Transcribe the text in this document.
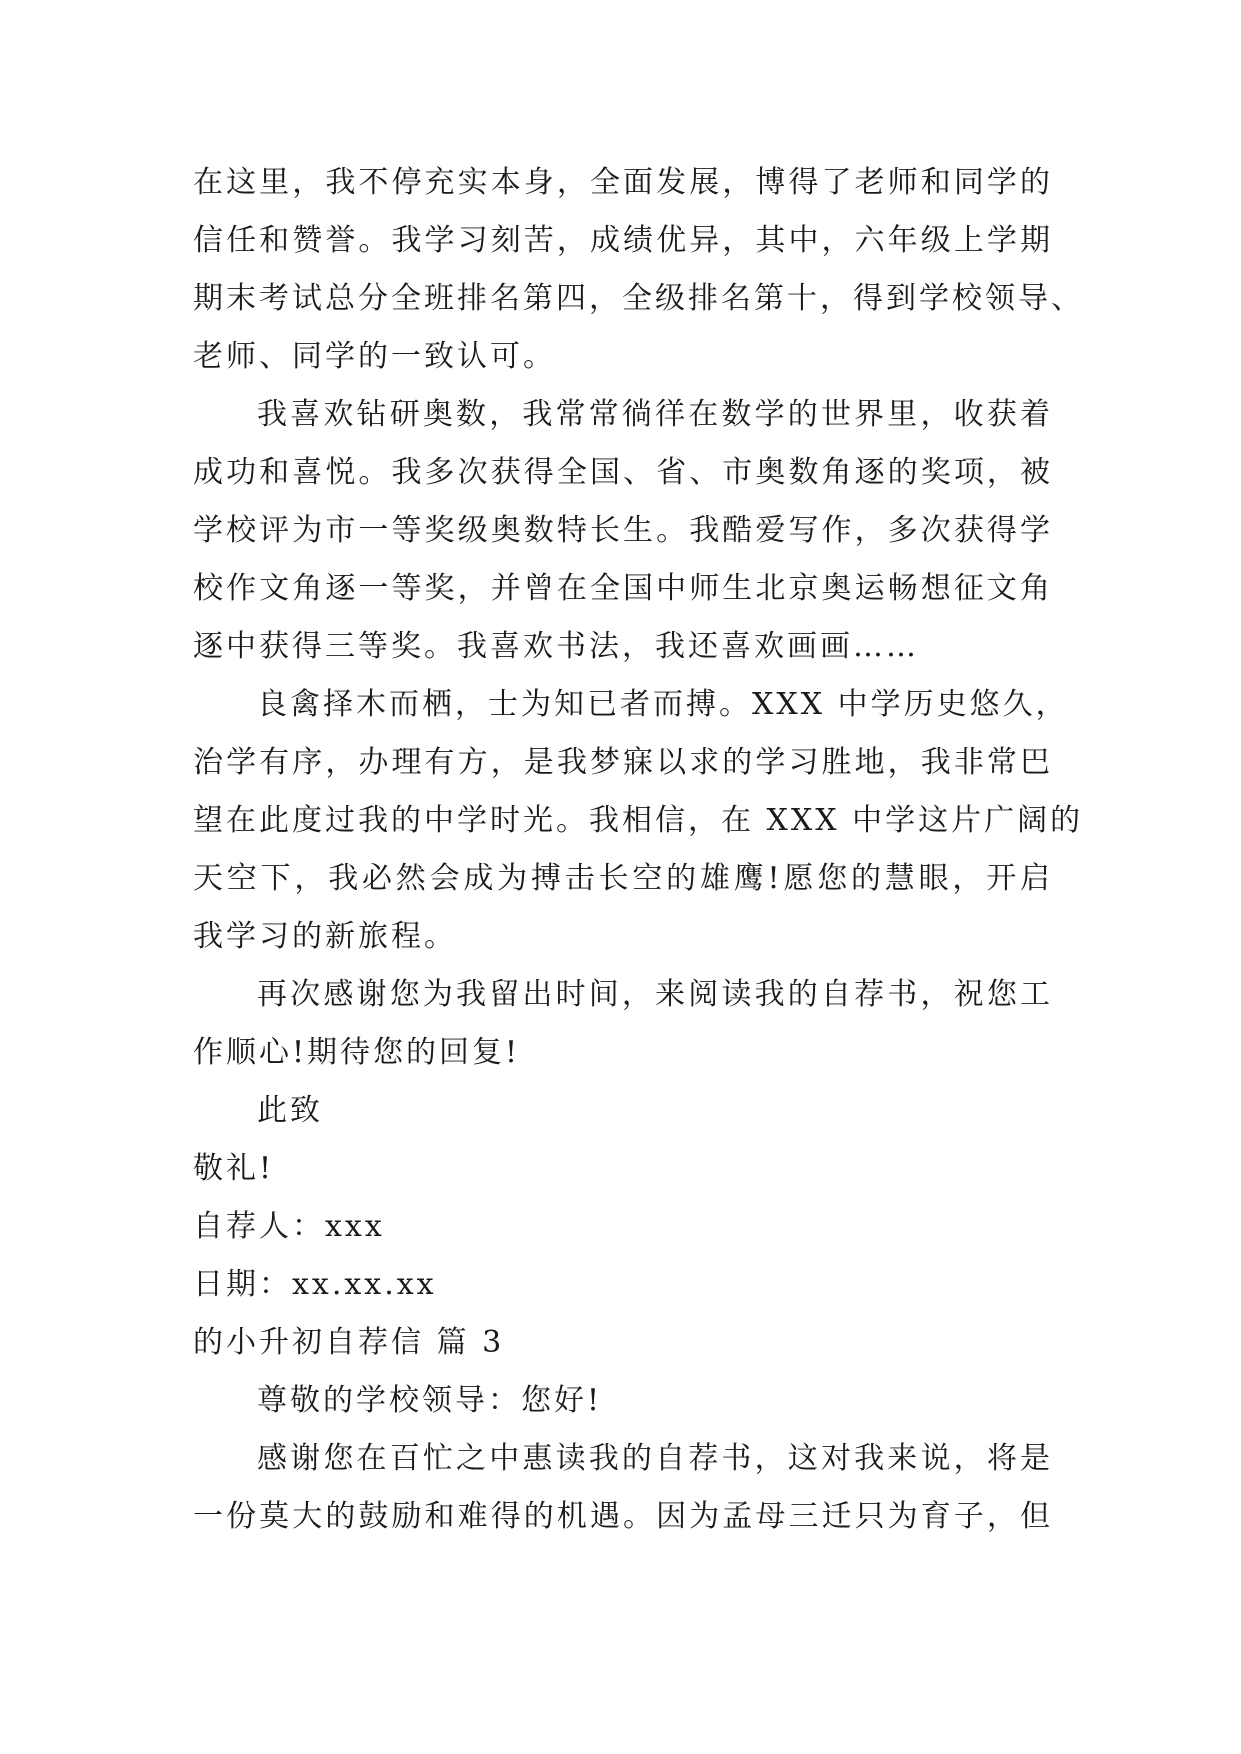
在这里，我不停充实本身，全面发展，博得了老师和同学的
信任和赞誉。我学习刻苦，成绩优异，其中，六年级上学期
期末考试总分全班排名第四，全级排名第十，得到学校领导、
老师、同学的一致认可。
我喜欢钻研奥数，我常常徜徉在数学的世界里，收获着
成功和喜悦。我多次获得全国、省、市奥数角逐的奖项，被
学校评为市一等奖级奥数特长生。我酷爱写作，多次获得学
校作文角逐一等奖，并曾在全国中师生北京奥运畅想征文角
逐中获得三等奖。我喜欢书法，我还喜欢画画……
良禽择木而栖，士为知已者而搏。XXX 中学历史悠久，
治学有序，办理有方，是我梦寐以求的学习胜地，我非常巴
望在此度过我的中学时光。我相信，在 XXX 中学这片广阔的
天空下，我必然会成为搏击长空的雄鹰!愿您的慧眼，开启
我学习的新旅程。
再次感谢您为我留出时间，来阅读我的自荐书，祝您工
作顺心!期待您的回复!
此致
敬礼!
自荐人：xxx
日期：xx.xx.xx
的小升初自荐信 篇 3
尊敬的学校领导：您好!
感谢您在百忙之中惠读我的自荐书，这对我来说，将是
一份莫大的鼓励和难得的机遇。因为孟母三迁只为育子，但
